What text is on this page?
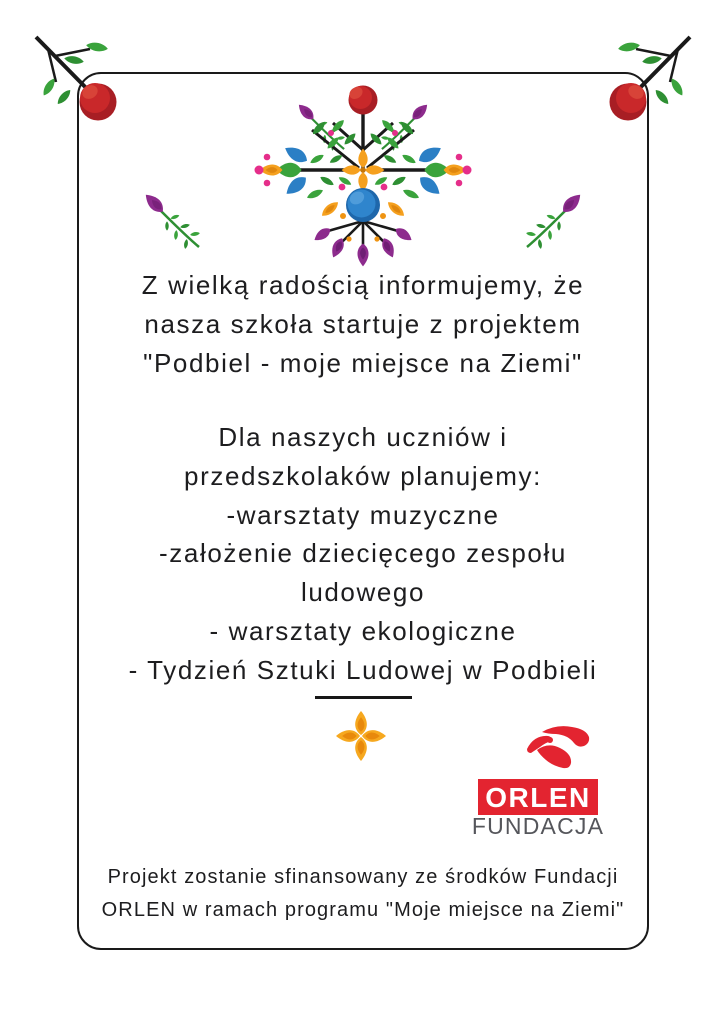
Z wielką radością informujemy, że
nasza szkoła startuje z projektem
"Podbiel - moje miejsce na Ziemi"
Dla naszych uczniów i
przedszkolaków planujemy:
-warsztaty muzyczne
-założenie dziecięcego zespołu
ludowego
- warsztaty ekologiczne
- Tydzień Sztuki Ludowej w Podbieli
ORLEN
FUNDACJA
Projekt zostanie sfinansowany ze środków Fundacji
ORLEN w ramach programu "Moje miejsce na Ziemi"
